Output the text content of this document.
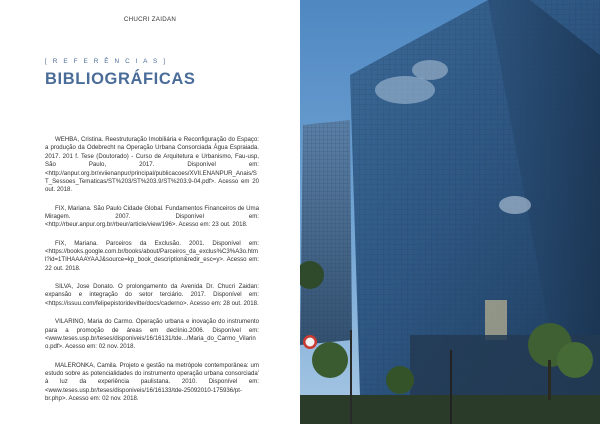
CHUCRI ZAIDAN
[ R E F E R Ê N C I A S ]
BIBLIOGRÁFICAS

WEHBA, Cristina. Reestruturação Imobiliária e Reconfiguração do Espaço: a produção da Odebrecht na Operação Urbana Consorciada Água Espraiada. 2017. 201 f. Tese (Doutorado) - Curso de Arquitetura e Urbanismo, Fau-usp, São Paulo, 2017. Disponível em: <http://anpur.org.br/xviienanpur/principal/publicacoes/XVII.ENANPUR_Anais/ST_Sessoes_Tematicas/ST%203/ST%203.9/ST%203.9-04.pdf>. Acesso em 20 out. 2018.

FIX, Mariana. São Paulo Cidade Global. Fundamentos Financeiros de Uma Miragem. 2007. Disponível em: <http://rbeur.anpur.org.br/rbeur/article/view/196>. Acesso em: 23 out. 2018.

FIX, Mariana. Parceiros da Exclusão. 2001. Disponível em: <https://books.google.com.br/books/about/Parceiros_da_exclus%C3%A3o.html?id=1TIHAAAAYAAJ&source=kp_book_description&redir_esc=y>. Acesso em: 22 out. 2018.

SILVA, Jose Donato. O prolongamento da Avenida Dr. Chucri Zaidan: expansão e integração do setor terciário. 2017. Disponível em: <https://issuu.com/felipepistoridevitte/docs/caderno>. Acesso em: 28 out. 2018.

VILARINO, Maria do Carmo. Operação urbana e inovação do instrumento para a promoção de áreas em declínio.2006. Disponível em: <www.teses.usp.br/teses/disponiveis/16/16131/tde.../Maria_do_Carmo_Vilarino.pdf>. Acesso em: 02 nov. 2018.

MALERONKA, Camila. Projeto e gestão na metrópole contemporânea: um estudo sobre as potencialidades do instrumento operação urbana consorciada' à luz da experiência paulistana. 2010. Disponível em: <www.teses.usp.br/teses/disponiveis/16/16133/tde-25092010-175936/pt-br.php>. Acesso em: 02 nov. 2018.
